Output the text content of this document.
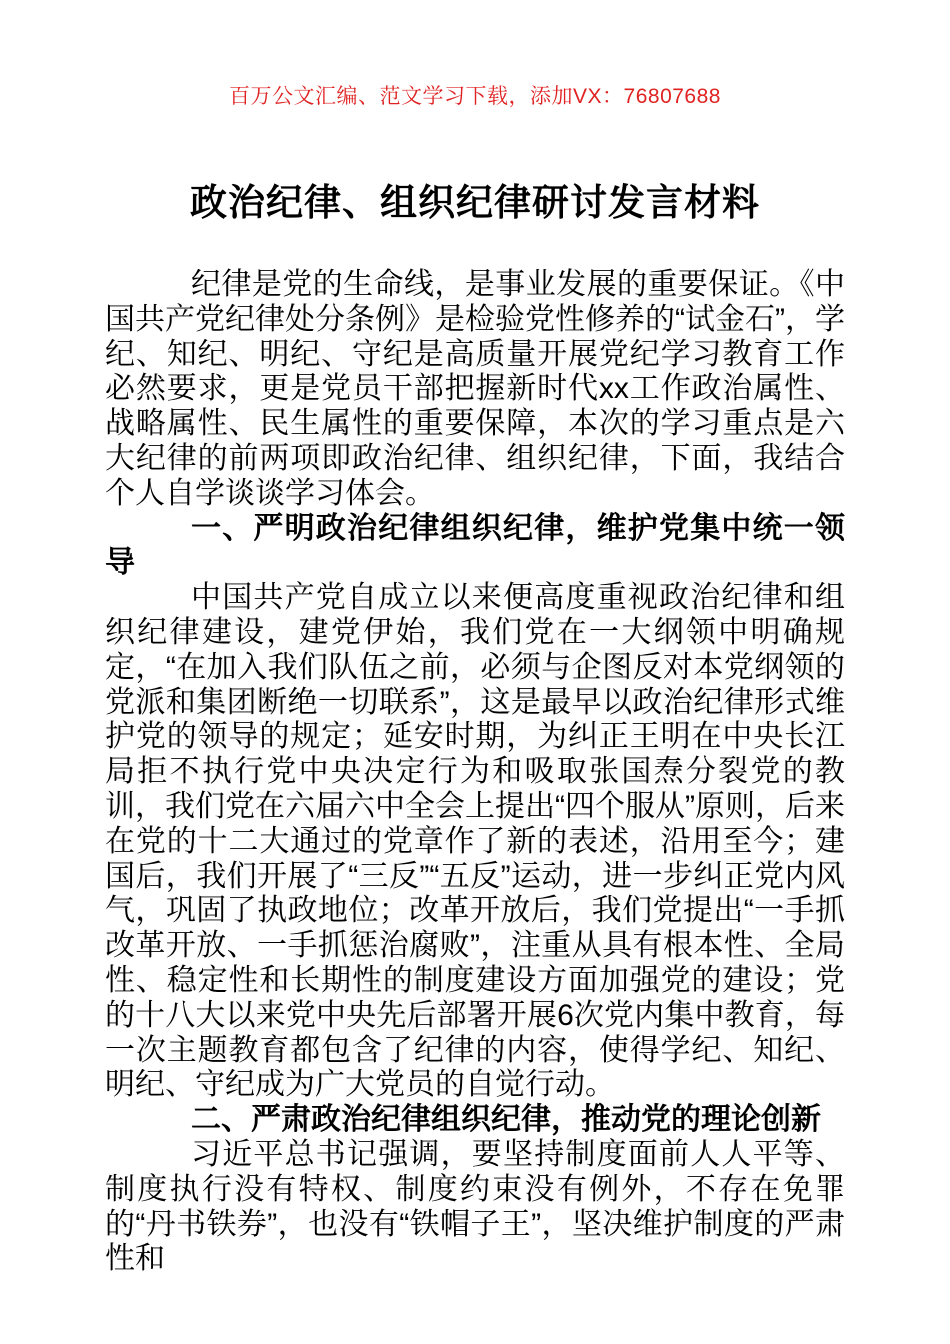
百万公文汇编、范文学习下载，添加VX：76807688
政治纪律、组织纪律研讨发言材料

纪律是党的生命线，是事业发展的重要保证。《中国共产党纪律处分条例》是检验党性修养的“试金石”，学纪、知纪、明纪、守纪是高质量开展党纪学习教育工作必然要求，更是党员干部把握新时代xx工作政治属性、战略属性、民生属性的重要保障，本次的学习重点是六大纪律的前两项即政治纪律、组织纪律，下面，我结合个人自学谈谈学习体会。

一、严明政治纪律组织纪律，维护党集中统一领导

中国共产党自成立以来便高度重视政治纪律和组织纪律建设，建党伊始，我们党在一大纲领中明确规定，“在加入我们队伍之前，必须与企图反对本党纲领的党派和集团断绝一切联系”，这是最早以政治纪律形式维护党的领导的规定；延安时期，为纠正王明在中央长江局拒不执行党中央决定行为和吸取张国焘分裂党的教训，我们党在六届六中全会上提出“四个服从”原则，后来在党的十二大通过的党章作了新的表述，沿用至今；建国后，我们开展了“三反”“五反”运动，进一步纠正党内风气，巩固了执政地位；改革开放后，我们党提出“一手抓改革开放、一手抓惩治腐败”，注重从具有根本性、全局性、稳定性和长期性的制度建设方面加强党的建设；党的十八大以来党中央先后部署开展6次党内集中教育，每一次主题教育都包含了纪律的内容，使得学纪、知纪、明纪、守纪成为广大党员的自觉行动。

二、严肃政治纪律组织纪律，推动党的理论创新

习近平总书记强调，要坚持制度面前人人平等、制度执行没有特权、制度约束没有例外，不存在免罪的“丹书铁券”，也没有“铁帽子王”，坚决维护制度的严肃性和
